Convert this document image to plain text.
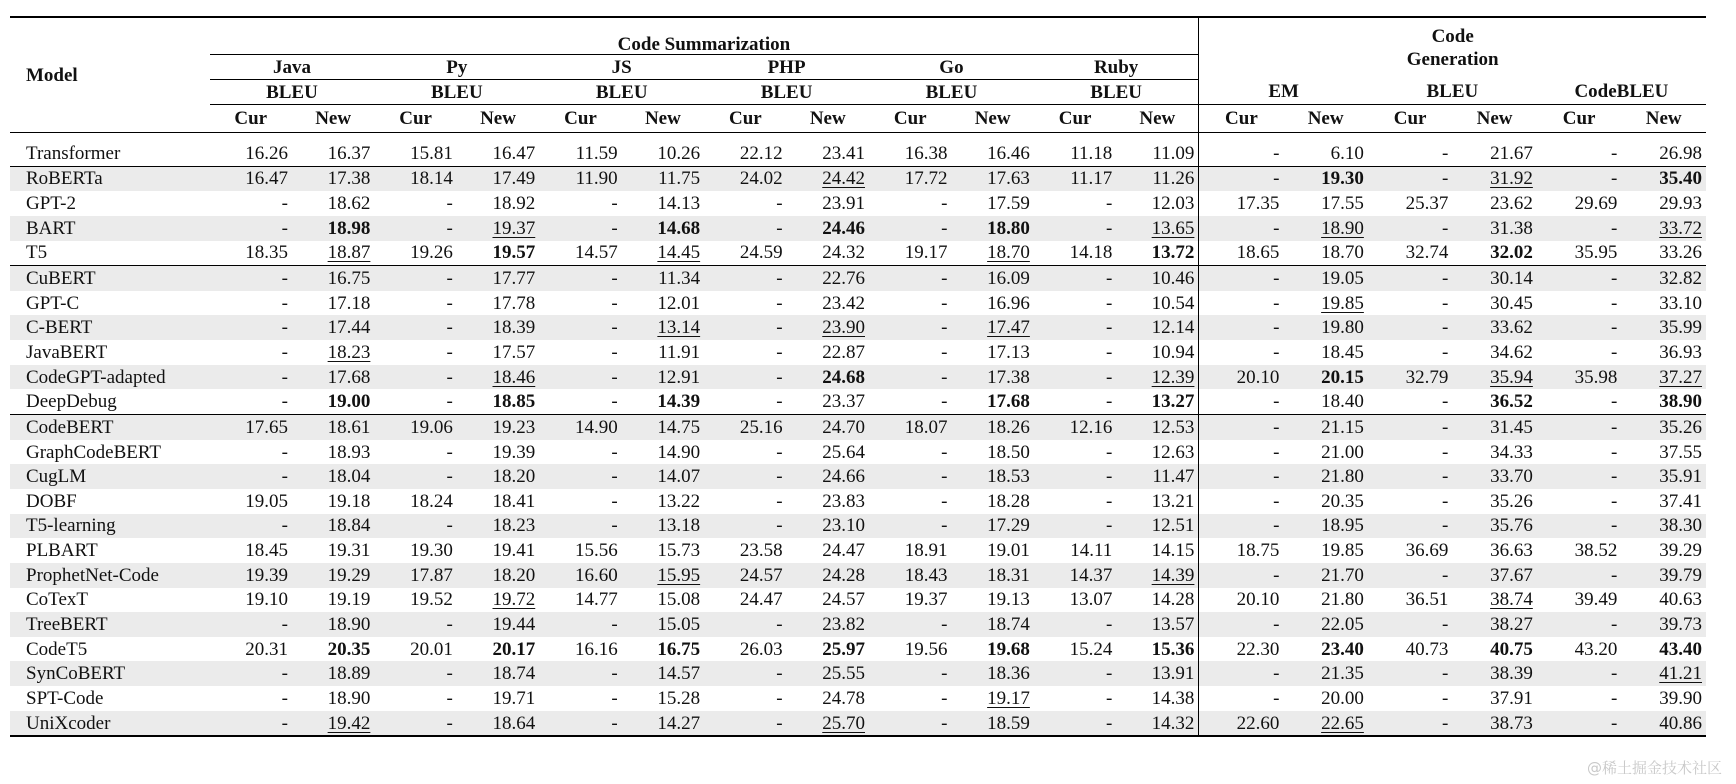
Model	Code Summarization												Code
Generation					
	Java		Py		JS		PHP		Go		Ruby							
	BLEU		BLEU		BLEU		BLEU		BLEU		BLEU		EM		BLEU		CodeBLEU	
	Cur	New	Cur	New	Cur	New	Cur	New	Cur	New	Cur	New	Cur	New	Cur	New	Cur	New
Transformer	16.26	16.37	15.81	16.47	11.59	10.26	22.12	23.41	16.38	16.46	11.18	11.09	-	6.10	-	21.67	-	26.98
RoBERTa	16.47	17.38	18.14	17.49	11.90	11.75	24.02	24.42	17.72	17.63	11.17	11.26	-	19.30	-	31.92	-	35.40
GPT-2	-	18.62	-	18.92	-	14.13	-	23.91	-	17.59	-	12.03	17.35	17.55	25.37	23.62	29.69	29.93
BART	-	18.98	-	19.37	-	14.68	-	24.46	-	18.80	-	13.65	-	18.90	-	31.38	-	33.72
T5	18.35	18.87	19.26	19.57	14.57	14.45	24.59	24.32	19.17	18.70	14.18	13.72	18.65	18.70	32.74	32.02	35.95	33.26
CuBERT	-	16.75	-	17.77	-	11.34	-	22.76	-	16.09	-	10.46	-	19.05	-	30.14	-	32.82
GPT-C	-	17.18	-	17.78	-	12.01	-	23.42	-	16.96	-	10.54	-	19.85	-	30.45	-	33.10
C-BERT	-	17.44	-	18.39	-	13.14	-	23.90	-	17.47	-	12.14	-	19.80	-	33.62	-	35.99
JavaBERT	-	18.23	-	17.57	-	11.91	-	22.87	-	17.13	-	10.94	-	18.45	-	34.62	-	36.93
CodeGPT-adapted	-	17.68	-	18.46	-	12.91	-	24.68	-	17.38	-	12.39	20.10	20.15	32.79	35.94	35.98	37.27
DeepDebug	-	19.00	-	18.85	-	14.39	-	23.37	-	17.68	-	13.27	-	18.40	-	36.52	-	38.90
CodeBERT	17.65	18.61	19.06	19.23	14.90	14.75	25.16	24.70	18.07	18.26	12.16	12.53	-	21.15	-	31.45	-	35.26
GraphCodeBERT	-	18.93	-	19.39	-	14.90	-	25.64	-	18.50	-	12.63	-	21.00	-	34.33	-	37.55
CugLM	-	18.04	-	18.20	-	14.07	-	24.66	-	18.53	-	11.47	-	21.80	-	33.70	-	35.91
DOBF	19.05	19.18	18.24	18.41	-	13.22	-	23.83	-	18.28	-	13.21	-	20.35	-	35.26	-	37.41
T5-learning	-	18.84	-	18.23	-	13.18	-	23.10	-	17.29	-	12.51	-	18.95	-	35.76	-	38.30
PLBART	18.45	19.31	19.30	19.41	15.56	15.73	23.58	24.47	18.91	19.01	14.11	14.15	18.75	19.85	36.69	36.63	38.52	39.29
ProphetNet-Code	19.39	19.29	17.87	18.20	16.60	15.95	24.57	24.28	18.43	18.31	14.37	14.39	-	21.70	-	37.67	-	39.79
CoTexT	19.10	19.19	19.52	19.72	14.77	15.08	24.47	24.57	19.37	19.13	13.07	14.28	20.10	21.80	36.51	38.74	39.49	40.63
TreeBERT	-	18.90	-	19.44	-	15.05	-	23.82	-	18.74	-	13.57	-	22.05	-	38.27	-	39.73
CodeT5	20.31	20.35	20.01	20.17	16.16	16.75	26.03	25.97	19.56	19.68	15.24	15.36	22.30	23.40	40.73	40.75	43.20	43.40
SynCoBERT	-	18.89	-	18.74	-	14.57	-	25.55	-	18.36	-	13.91	-	21.35	-	38.39	-	41.21
SPT-Code	-	18.90	-	19.71	-	15.28	-	24.78	-	19.17	-	14.38	-	20.00	-	37.91	-	39.90
UniXcoder	-	19.42	-	18.64	-	14.27	-	25.70	-	18.59	-	14.32	22.60	22.65	-	38.73	-	40.86
@稀土掘金技术社区
